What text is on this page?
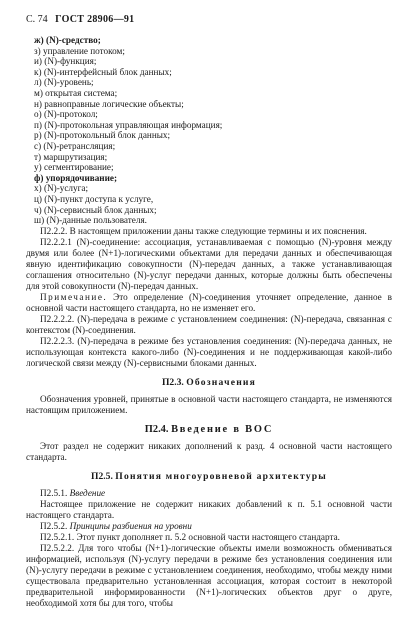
С. 74 ГОСТ 28906—91
ж) (N)-средство;
з) управление потоком;
и) (N)-функция;
к) (N)-интерфейсный блок данных;
л) (N)-уровень;
м) открытая система;
н) равноправные логические объекты;
о) (N)-протокол;
п) (N)-протокольная управляющая информация;
р) (N)-протокольный блок данных;
с) (N)-ретрансляция;
т) маршрутизация;
у) сегментирование;
ф) упорядочивание;
х) (N)-услуга;
ц) (N)-пункт доступа к услуге,
ч) (N)-сервисный блок данных;
ш) (N)-данные пользователя.

П2.2.2. В настоящем приложении даны также следующие термины и их пояснения.

П2.2.2.1 (N)-соединение: ассоциация, устанавливаемая с помощью (N)-уровня между двумя или более (N+1)-логическими объектами для передачи данных и обеспечивающая явную идентификацию совокупности (N)-передач данных, а также устанавливающая соглашения относительно (N)-услуг передачи данных, которые должны быть обеспечены для этой совокупности (N)-передач данных.

Примечание. Это определение (N)-соединения уточняет определение, данное в основной части настоящего стандарта, но не изменяет его.

П2.2.2.2. (N)-передача в режиме с установлением соединения: (N)-передача, связанная с контекстом (N)-соединения.

П2.2.2.3. (N)-передача в режиме без установления соединения: (N)-передача данных, не использующая контекста какого-либо (N)-соединения и не поддерживающая какой-либо логической связи между (N)-сервисными блоками данных.

П2.3. Обозначения

Обозначения уровней, принятые в основной части настоящего стандарта, не изменяются настоящим приложением.

П2.4. Введение в ВОС

Этот раздел не содержит никаких дополнений к разд. 4 основной части настоящего стандарта.

П2.5. Понятия многоуровневой архитектуры

П2.5.1. Введение

Настоящее приложение не содержит никаких добавлений к п. 5.1 основной части настоящего стандарта.

П2.5.2. Принципы разбиения на уровни

П2.5.2.1. Этот пункт дополняет п. 5.2 основной части настоящего стандарта.

П2.5.2.2. Для того чтобы (N+1)-логические объекты имели возможность обмениваться информацией, используя (N)-услугу передачи в режиме без установления соединения или (N)-услугу передачи в режиме с установлением соединения, необходимо, чтобы между ними существовала предварительно установленная ассоциация, которая состоит в некоторой предварительной информированности (N+1)-логических объектов друг о друге, необходимой хотя бы для того, чтобы
